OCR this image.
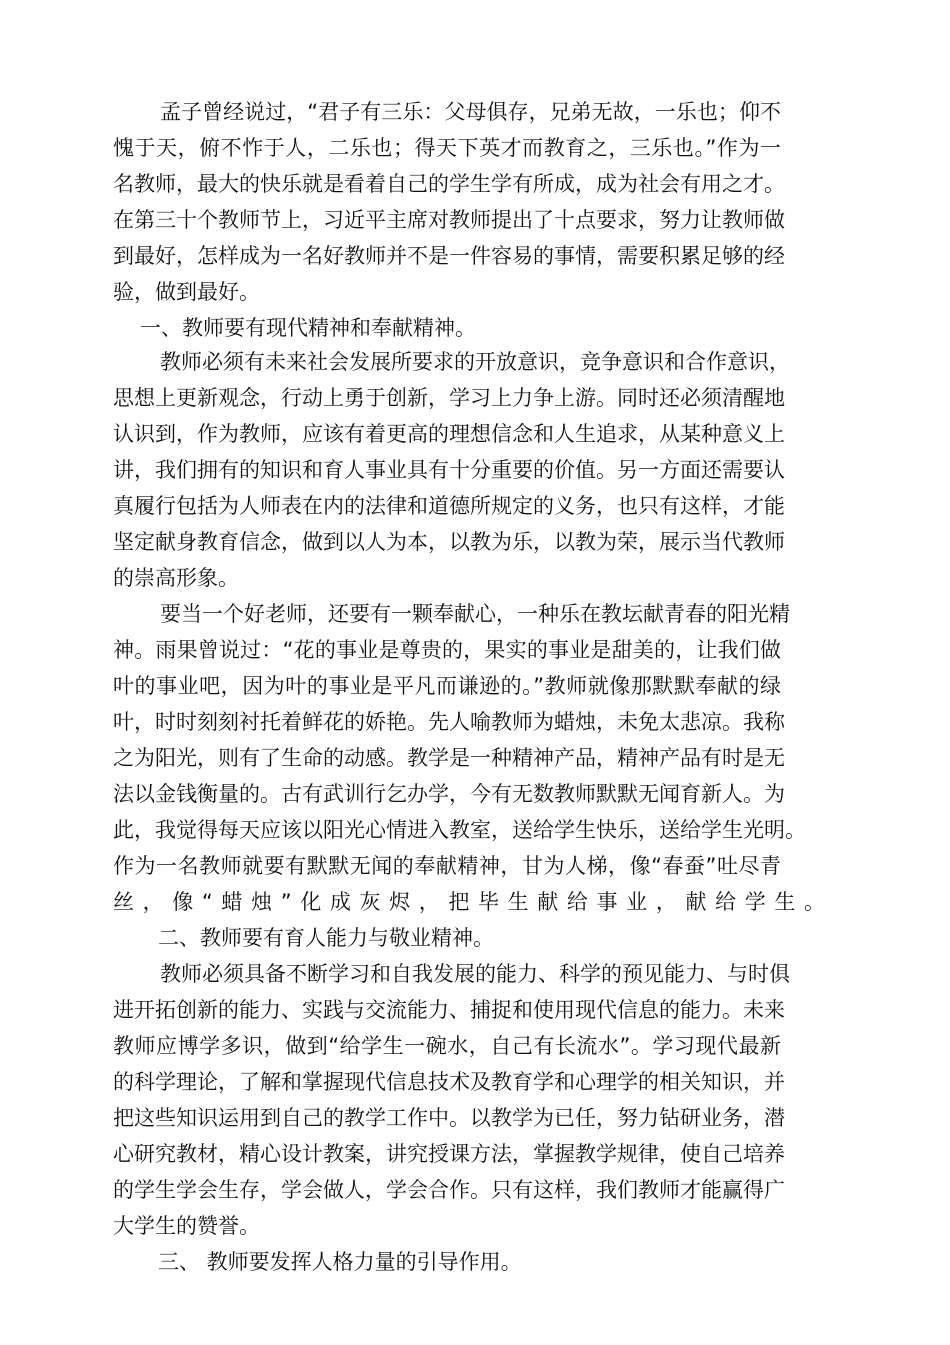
孟子曾经说过，“君子有三乐：父母俱存，兄弟无故，一乐也；仰不
愧于天，俯不怍于人，二乐也；得天下英才而教育之，三乐也。”作为一
名教师，最大的快乐就是看着自己的学生学有所成，成为社会有用之才。
在第三十个教师节上，习近平主席对教师提出了十点要求，努力让教师做
到最好，怎样成为一名好教师并不是一件容易的事情，需要积累足够的经
验，做到最好。
一、教师要有现代精神和奉献精神。
教师必须有未来社会发展所要求的开放意识，竞争意识和合作意识，
思想上更新观念，行动上勇于创新，学习上力争上游。同时还必须清醒地
认识到，作为教师，应该有着更高的理想信念和人生追求，从某种意义上
讲，我们拥有的知识和育人事业具有十分重要的价值。另一方面还需要认
真履行包括为人师表在内的法律和道德所规定的义务，也只有这样，才能
坚定献身教育信念，做到以人为本，以教为乐，以教为荣，展示当代教师
的崇高形象。
要当一个好老师，还要有一颗奉献心，一种乐在教坛献青春的阳光精
神。雨果曾说过：“花的事业是尊贵的，果实的事业是甜美的，让我们做
叶的事业吧，因为叶的事业是平凡而谦逊的。”教师就像那默默奉献的绿
叶，时时刻刻衬托着鲜花的娇艳。先人喻教师为蜡烛，未免太悲凉。我称
之为阳光，则有了生命的动感。教学是一种精神产品，精神产品有时是无
法以金钱衡量的。古有武训行乞办学，今有无数教师默默无闻育新人。为
此，我觉得每天应该以阳光心情进入教室，送给学生快乐，送给学生光明。
作为一名教师就要有默默无闻的奉献精神，甘为人梯，像“春蚕”吐尽青
丝，像“蜡烛”化成灰烬，把毕生献给事业，献给学生。
二、教师要有育人能力与敬业精神。
教师必须具备不断学习和自我发展的能力、科学的预见能力、与时俱
进开拓创新的能力、实践与交流能力、捕捉和使用现代信息的能力。未来
教师应博学多识，做到“给学生一碗水，自己有长流水”。学习现代最新
的科学理论，了解和掌握现代信息技术及教育学和心理学的相关知识，并
把这些知识运用到自己的教学工作中。以教学为已任，努力钻研业务，潜
心研究教材，精心设计教案，讲究授课方法，掌握教学规律，使自己培养
的学生学会生存，学会做人，学会合作。只有这样，我们教师才能赢得广
大学生的赞誉。
三、 教师要发挥人格力量的引导作用。
